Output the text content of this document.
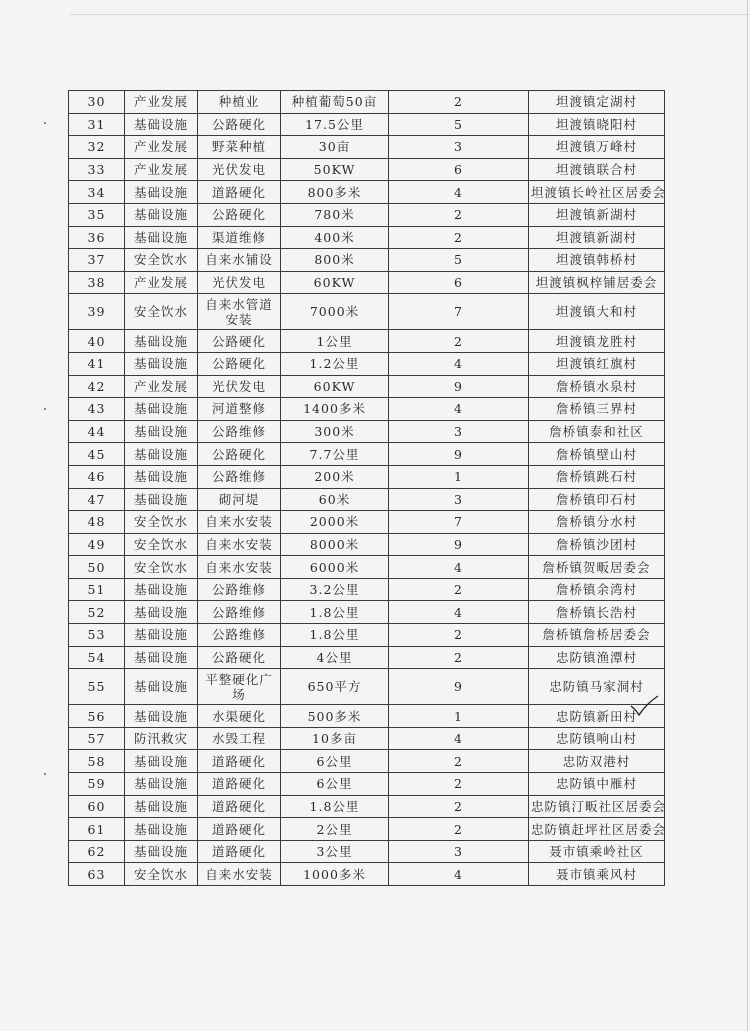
30	产业发展	种植业	种植葡萄50亩	2	坦渡镇定湖村
31	基础设施	公路硬化	17.5公里	5	坦渡镇晓阳村
32	产业发展	野菜种植	30亩	3	坦渡镇万峰村
33	产业发展	光伏发电	50KW	6	坦渡镇联合村
34	基础设施	道路硬化	800多米	4	坦渡镇长岭社区居委会
35	基础设施	公路硬化	780米	2	坦渡镇新湖村
36	基础设施	渠道维修	400米	2	坦渡镇新湖村
37	安全饮水	自来水铺设	800米	5	坦渡镇韩桥村
38	产业发展	光伏发电	60KW	6	坦渡镇枫梓铺居委会
39	安全饮水	自来水管道安装	7000米	7	坦渡镇大和村
40	基础设施	公路硬化	1公里	2	坦渡镇龙胜村
41	基础设施	公路硬化	1.2公里	4	坦渡镇红旗村
42	产业发展	光伏发电	60KW	9	詹桥镇水泉村
43	基础设施	河道整修	1400多米	4	詹桥镇三界村
44	基础设施	公路维修	300米	3	詹桥镇泰和社区
45	基础设施	公路硬化	7.7公里	9	詹桥镇壁山村
46	基础设施	公路维修	200米	1	詹桥镇跳石村
47	基础设施	砌河堤	60米	3	詹桥镇印石村
48	安全饮水	自来水安装	2000米	7	詹桥镇分水村
49	安全饮水	自来水安装	8000米	9	詹桥镇沙团村
50	安全饮水	自来水安装	6000米	4	詹桥镇贺畈居委会
51	基础设施	公路维修	3.2公里	2	詹桥镇余湾村
52	基础设施	公路维修	1.8公里	4	詹桥镇长浩村
53	基础设施	公路维修	1.8公里	2	詹桥镇詹桥居委会
54	基础设施	公路硬化	4公里	2	忠防镇渔潭村
55	基础设施	平整硬化广场	650平方	9	忠防镇马家洞村
56	基础设施	水渠硬化	500多米	1	忠防镇新田村
57	防汛救灾	水毁工程	10多亩	4	忠防镇响山村
58	基础设施	道路硬化	6公里	2	忠防双港村
59	基础设施	道路硬化	6公里	2	忠防镇中雁村
60	基础设施	道路硬化	1.8公里	2	忠防镇汀畈社区居委会
61	基础设施	道路硬化	2公里	2	忠防镇赶坪社区居委会
62	基础设施	道路硬化	3公里	3	聂市镇乘岭社区
63	安全饮水	自来水安装	1000多米	4	聂市镇乘风村
